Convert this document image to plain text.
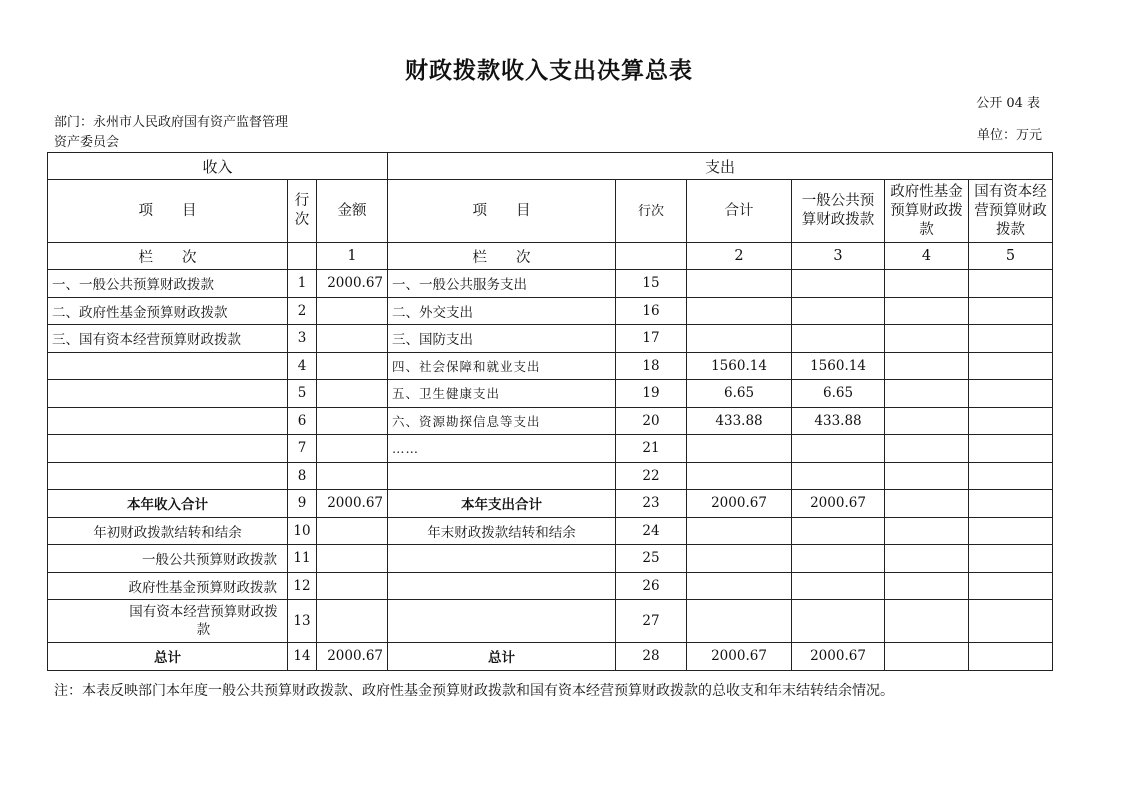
财政拨款收入支出决算总表
公开 04 表
部门：永州市人民政府国有资产监督管理资产委员会	单位：万元
收入			支出					
项　　目	行
次	金额	项　　目	行次	合计	一般公共预算财政拨款	政府性基金预算财政拨款	国有资本经营预算财政拨款
栏　　次		1	栏　　次		2	3	4	5
一、一般公共预算财政拨款	1	2000.67	一、一般公共服务支出	15				
二、政府性基金预算财政拨款	2		二、外交支出	16				
三、国有资本经营预算财政拨款	3		三、国防支出	17				
	4		四、社会保障和就业支出	18	1560.14	1560.14		
	5		五、卫生健康支出	19	6.65	6.65		
	6		六、资源勘探信息等支出	20	433.88	433.88		
	7		……	21				
	8			22				
本年收入合计	9	2000.67	本年支出合计	23	2000.67	2000.67		
年初财政拨款结转和结余	10		年末财政拨款结转和结余	24				
一般公共预算财政拨款	11			25				
政府性基金预算财政拨款	12			26				
国有资本经营预算财政拨款	13			27				
总计	14	2000.67	总计	28	2000.67	2000.67		
注：本表反映部门本年度一般公共预算财政拨款、政府性基金预算财政拨款和国有资本经营预算财政拨款的总收支和年末结转结余情况。
